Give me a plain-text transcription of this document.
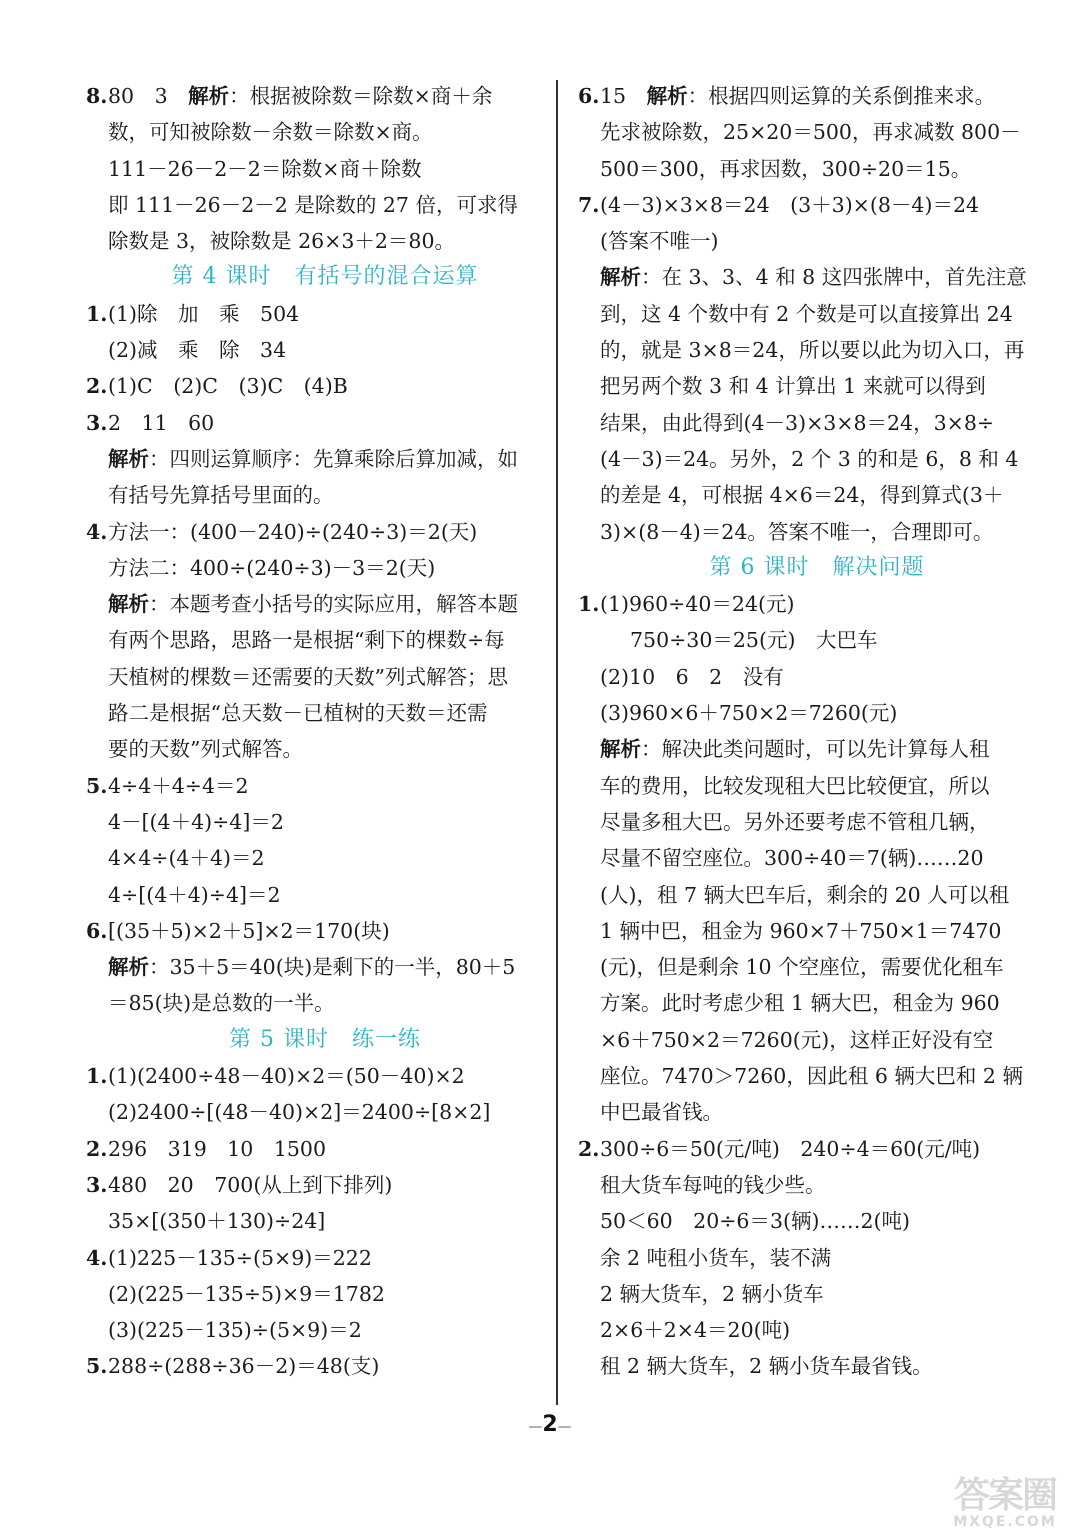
8.80　3　解析：根据被除数＝除数×商＋余
数，可知被除数－余数＝除数×商。
111－26－2－2＝除数×商＋除数
即 111－26－2－2 是除数的 27 倍，可求得
除数是 3，被除数是 26×3＋2＝80。
第 4 课时　有括号的混合运算
1.(1)除　加　乘　504
(2)减　乘　除　34
2.(1)C　(2)C　(3)C　(4)B
3.2　11　60
解析：四则运算顺序：先算乘除后算加减，如
有括号先算括号里面的。
4.方法一：(400－240)÷(240÷3)＝2(天)
方法二：400÷(240÷3)－3＝2(天)
解析：本题考查小括号的实际应用，解答本题
有两个思路，思路一是根据“剩下的棵数÷每
天植树的棵数＝还需要的天数”列式解答；思
路二是根据“总天数－已植树的天数＝还需
要的天数”列式解答。
5.4÷4＋4÷4＝2
4－[(4＋4)÷4]＝2
4×4÷(4＋4)＝2
4÷[(4＋4)÷4]＝2
6.[(35＋5)×2＋5]×2＝170(块)
解析：35＋5＝40(块)是剩下的一半，80＋5
＝85(块)是总数的一半。
第 5 课时　练一练
1.(1)(2400÷48－40)×2＝(50－40)×2
(2)2400÷[(48－40)×2]＝2400÷[8×2]
2.296　319　10　1500
3.480　20　700(从上到下排列)
35×[(350＋130)÷24]
4.(1)225－135÷(5×9)＝222
(2)(225－135÷5)×9＝1782
(3)(225－135)÷(5×9)＝2
5.288÷(288÷36－2)＝48(支)
6.15　解析：根据四则运算的关系倒推来求。
先求被除数，25×20＝500，再求减数 800－
500＝300，再求因数，300÷20＝15。
7.(4－3)×3×8＝24　(3＋3)×(8－4)＝24
(答案不唯一)
解析：在 3、3、4 和 8 这四张牌中，首先注意
到，这 4 个数中有 2 个数是可以直接算出 24
的，就是 3×8＝24，所以要以此为切入口，再
把另两个数 3 和 4 计算出 1 来就可以得到
结果，由此得到(4－3)×3×8＝24，3×8÷
(4－3)＝24。另外，2 个 3 的和是 6，8 和 4
的差是 4，可根据 4×6＝24，得到算式(3＋
3)×(8－4)＝24。答案不唯一，合理即可。
第 6 课时　解决问题
1.(1)960÷40＝24(元)
750÷30＝25(元)　大巴车
(2)10　6　2　没有
(3)960×6＋750×2＝7260(元)
解析：解决此类问题时，可以先计算每人租
车的费用，比较发现租大巴比较便宜，所以
尽量多租大巴。另外还要考虑不管租几辆，
尽量不留空座位。300÷40＝7(辆)……20
(人)，租 7 辆大巴车后，剩余的 20 人可以租
1 辆中巴，租金为 960×7＋750×1＝7470
(元)，但是剩余 10 个空座位，需要优化租车
方案。此时考虑少租 1 辆大巴，租金为 960
×6＋750×2＝7260(元)，这样正好没有空
座位。7470＞7260，因此租 6 辆大巴和 2 辆
中巴最省钱。
2.300÷6＝50(元/吨)　240÷4＝60(元/吨)
租大货车每吨的钱少些。
50＜60　20÷6＝3(辆)……2(吨)
余 2 吨租小货车，装不满
2 辆大货车，2 辆小货车
2×6＋2×4＝20(吨)
租 2 辆大货车，2 辆小货车最省钱。
— 2 —
答案圈
MXQE.COM
